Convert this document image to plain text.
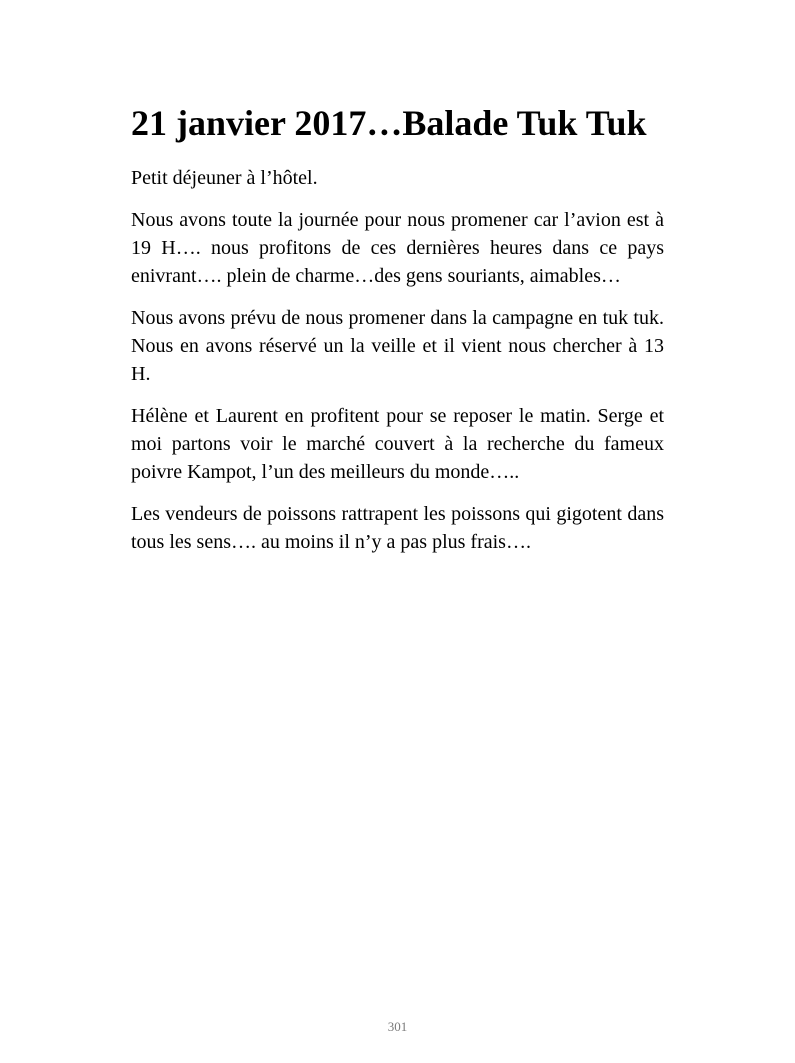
21 janvier 2017…Balade Tuk Tuk

Petit déjeuner à l’hôtel.

Nous avons toute la journée pour nous promener car l’avion est à 19 H…. nous profitons de ces dernières heures dans ce pays enivrant…. plein de charme…des gens souriants, aimables…

Nous avons prévu de nous promener dans la campagne en tuk tuk. Nous en avons réservé un la veille et il vient nous chercher à 13 H.

Hélène et Laurent en profitent pour se reposer le matin. Serge et moi partons voir le marché couvert à la recherche du fameux poivre Kampot, l’un des meilleurs du monde…..

Les vendeurs de poissons rattrapent les poissons qui gigotent dans tous les sens…. au moins il n’y a pas plus frais….

301
